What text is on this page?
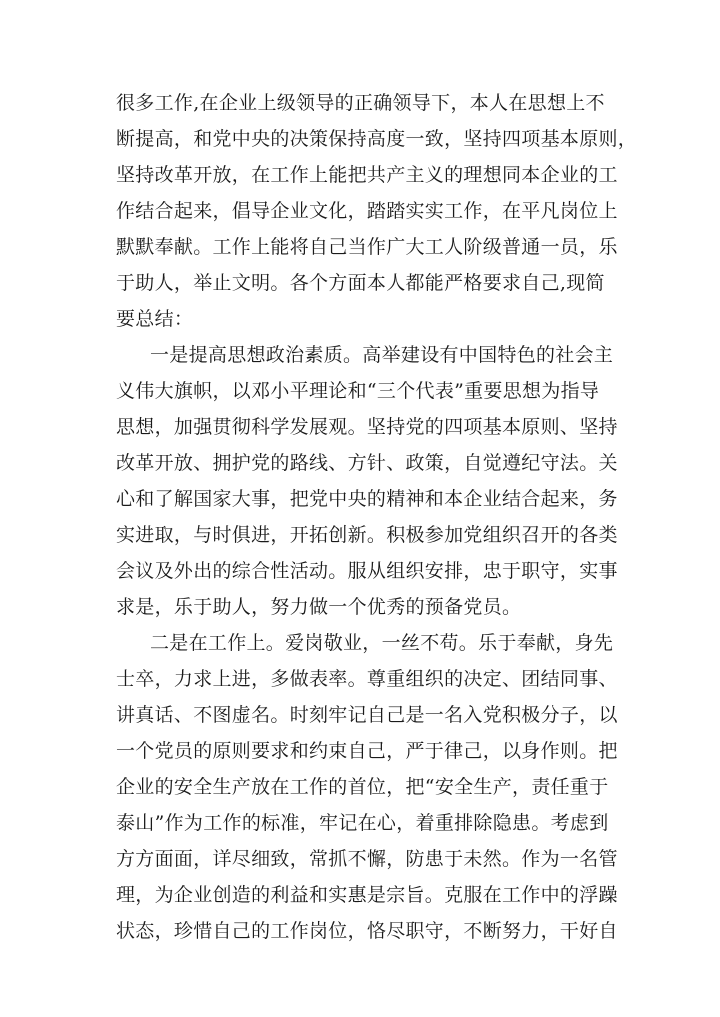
很多工作,在企业上级领导的正确领导下，本人在思想上不
断提高，和党中央的决策保持高度一致，坚持四项基本原则，
坚持改革开放，在工作上能把共产主义的理想同本企业的工
作结合起来，倡导企业文化，踏踏实实工作，在平凡岗位上
默默奉献。工作上能将自己当作广大工人阶级普通一员，乐
于助人，举止文明。各个方面本人都能严格要求自己,现简
要总结：
一是提高思想政治素质。高举建设有中国特色的社会主
义伟大旗帜，以邓小平理论和“三个代表”重要思想为指导
思想，加强贯彻科学发展观。坚持党的四项基本原则、坚持
改革开放、拥护党的路线、方针、政策，自觉遵纪守法。关
心和了解国家大事，把党中央的精神和本企业结合起来，务
实进取，与时俱进，开拓创新。积极参加党组织召开的各类
会议及外出的综合性活动。服从组织安排，忠于职守，实事
求是，乐于助人，努力做一个优秀的预备党员。
二是在工作上。爱岗敬业，一丝不苟。乐于奉献，身先
士卒，力求上进，多做表率。尊重组织的决定、团结同事、
讲真话、不图虚名。时刻牢记自己是一名入党积极分子，以
一个党员的原则要求和约束自己，严于律己，以身作则。把
企业的安全生产放在工作的首位，把“安全生产，责任重于
泰山”作为工作的标准，牢记在心，着重排除隐患。考虑到
方方面面，详尽细致，常抓不懈，防患于未然。作为一名管
理，为企业创造的利益和实惠是宗旨。克服在工作中的浮躁
状态，珍惜自己的工作岗位，恪尽职守，不断努力，干好自
